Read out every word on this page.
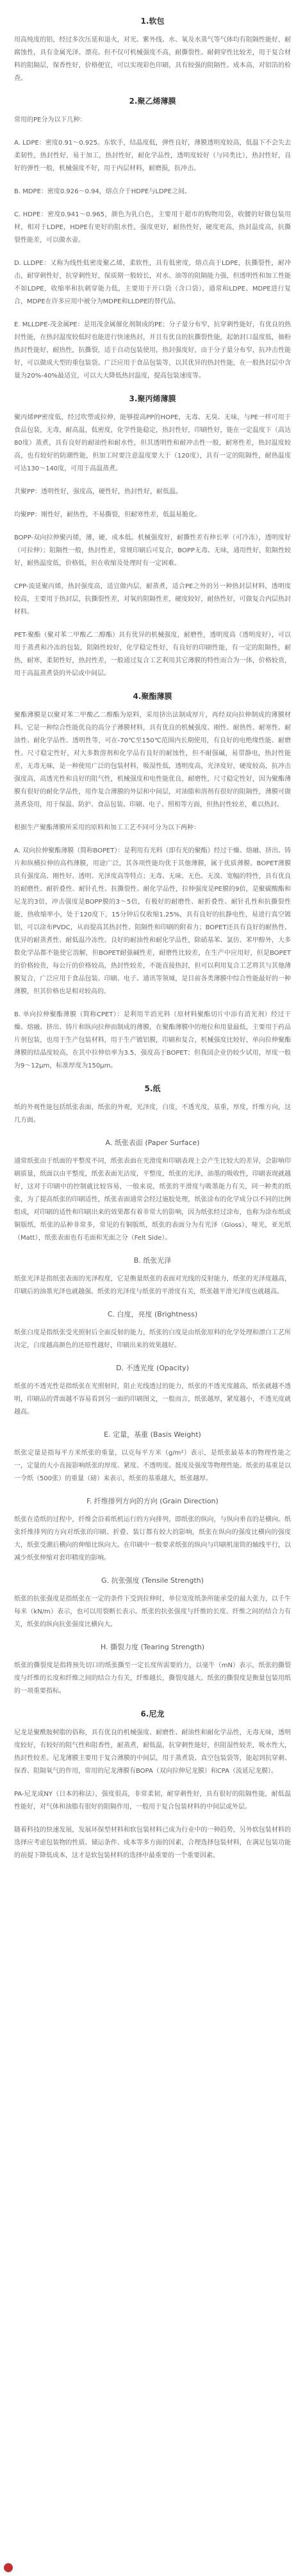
1.软包

用高纯度的铝，经过多次压延和退火，对光、紫外线、水、氧及水蒸气等气体均有阻隔性能好，耐腐蚀性，具有金属光泽。漂亮。但不仅可机械强度不高，耐撕裂性、耐刺穿性比较差，用于复合材料的阻隔层，保香性好，价格便宜，可以实现彩色印刷，具有较强的阻隔性。成本高，对铝箔的检查。

2.聚乙烯薄膜

常用的PE分为以下几种：

A. LDPE：密度0.91～0.925。东软手，结晶度低，弹性良好，薄膜透明度较高，低温下不会失去柔韧性，热封性好，易于加工，热封性好，耐化学品性，透明度较好（与同类比），热封性好，良好的弹性一般，机械强度不好，用于内层材料，耐磨损，抗冲击。

B. MDPE：密度0.926～0.94，熔点介于HDPE与LDPE之间。

C. HDPE：密度0.941～0.965，颜色为乳白色，主要用于超市的购物用袋，收腰的好做包装用材，相对于LDPE，HDPE有更好的阻水性，强度更好，耐热性好，硬度更高，热封温度高，抗撕裂性能差，可以做水壶。

D. LLDPE：又称为线性低密度聚乙烯，柔软性，具有低密度，熔点高于LDPE，抗撕裂性，耐冲击，耐穿刺性好，抗穿刺性好，保质期一般较长，对水、油等的阻隔能力强，但透明性和加工性能不如LDPE，收缩率和抗刺穿能力低，主要用于开口袋（含口袋），通常和LDPE、MDPE进行复合，MDPE在许多应用中被分为MDPE和LLDPE的替代品。

E. MLLDPE-茂金属PE：是用茂金属催化剂制成的PE；分子量分布窄，抗穿刺性能好，有优良的热封性能，在热封温度较低时也能进行快速热封，并且有优良的抗撕裂性能，起始封口温度低，抽粉热封性能好，耐热性，抗撕裂，适于自动包装使用，热封强度好，由于分子量分布窄，抗冲击性能好，可以做成大型的重包装袋。广泛应用于食品包装等，以其优异的热封性能，在一般热封层中含量为20%-40%最适宜，可以大大降低热封温度，提高包装速度等。

3.聚丙烯薄膜

聚丙烯PP密度低，经过吹塑或拉伸，能够提高PP的HOPE，无毒、无臭、无味，与PE一样可用于食品包装，无毒，耐高温，低密度，化学性能稳定，热封性好，印刷性好，能在一定温度下（高达80度）蒸煮，具有良好的耐油性和耐水性，但其透明性和耐冲击性一般，耐寒性差，热封温度较高，也有较好的防潮性能，但加工时要注意温度要大于（120度），具有一定的阻隔性，耐热温度可达130～140度，可用于高温蒸煮。

共聚PP：透明性好，强度高，硬性好，热封性好，耐低温。

均聚PP：刚性好，耐热性，不易撕裂，但耐寒性差，低温易脆化。

BOPP-双向拉伸聚丙烯，薄，硬，成本低。机械强度好，耐撕性差有伸长率（可冷冻），透明度好（可拉伸）；阻隔性一般，热封性差，常规印刷后可复合，BOPP无毒、无味，通用性好，阻隔性较好，耐热温度低，价格低，但在收缩及处理时有一定困难。

CPP-流延聚丙烯，热封强度高，适宜做内层，耐蒸煮，适合PE之外的另一种热封层材料，透明度较高，主要用于热封层，抗撕裂性差，对氧的阻隔性差，硬度较好，耐热性好，可做复合内层热封材料。

PET-聚酯（聚对苯二甲酸乙二醇酯）具有优异的机械强度，耐磨性，透明度高（透明度好），可以用于蒸煮和冷冻的包装，阻隔性较好，化学稳定性好，有良好的印刷性能，有一定的阻隔性，耐热，耐寒，柔韧性好，热封性差，一般通过复合工艺利用其它薄膜的特性而合为一体，价格较贵，用于高温蒸煮袋的外层或中间层。

4.聚酯薄膜

聚酯薄膜是以聚对苯二甲酸乙二醇酯为原料，采用挤出法制成厚片，再经双向拉伸制成的薄膜材料。它是一种综合性能优良的高分子薄膜材料，具有优良的机械强度、刚性、耐热性、耐寒性、耐油性、耐化学品性、透明性等，可在-70℃至150℃范围内长期使用，有良好的电绝缘性能、耐磨性、尺寸稳定性好，对大多数溶剂和化学品有良好的耐蚀性，但不耐强碱，易带静电，热封性能差，无毒无味，是一种使用广泛的包装材料，吸湿性低，透明度高，光泽度好，硬度较高，抗冲击强度高，高透光性和良好的阻气性，机械强度和电性能优良，耐磨性，尺寸稳定性好，因为聚酯薄膜有很好的耐化学品性，用作复合薄膜的外层和中间层，对油脂和溶剂有很好的阻隔性，薄膜可做蒸煮袋用，用于保温、防护、食品包装、印刷、电子、照相等方面，但热封性较差，难以热封。

根据生产聚酯薄膜所采用的原料和加工工艺不同可分为以下两种：

A. 双向拉伸聚酯薄膜（简称BOPET）：是利用有光料（即有光的聚酯）经过干燥、熔融、挤出、铸片和纵横拉伸的高档薄膜，用途广泛，其各项性能均优于其他薄膜，属于优质薄膜。BOPET薄膜具有强度高、刚性好、透明、光泽度高等特点；无毒、无味、无色、无溴、宽幅的特性，具有优良的耐磨性、耐折叠性、耐针孔性、抗撕裂性、耐化学品性，拉伸强度是PE膜的9倍，是聚碳酸酯和尼龙的3倍，冲击强度是BOPP膜的3～5倍，有极好的耐磨性、耐折叠性、耐针孔性和抗撕裂性能，热收缩率小，处于120度下，15分钟后仅收缩1.25%，具有良好的抗静电性，易进行真空镀铝，可以涂布PVDC，从而提高其热封性、阻隔性和印刷的附着力；BOPET还具有良好的耐热性、优异的耐蒸煮性、耐低温冷冻性、良好的耐油性和耐化学品性，除硝基苯、氯仿、苯甲醇外，大多数化学品都不能使它溶解，但BOPET耐强碱性差，耐磨性比较差，在生产中应用好，但是BOPET的价格较贵，每公斤的价格较高，热封性较差，不能直接热封，但可以利用复合工艺将其与其他薄膜复合，广泛应用于食品包装、印刷、电子、通讯等领域，是目前各类薄膜中综合性能最好的一种薄膜，但其价格也是相对较高的。

B. 单向拉伸聚酯薄膜（简称CPET）：是利用半消光料（原材料聚酯切片中添有消光剂）经过干燥、熔融、挤出、铸片和纵向拉伸而制成的薄膜，在聚酯薄膜中的地位和用量最低，主要用于药品片剂包装，也用于生产包装材料，用于生产镀铝膜，印刷和复合，机械强度比较好，单向拉伸聚酯薄膜的结晶度较高，在其中拉伸倍率为3.5，强度高于BOPET；但我国企业仍较少试用，厚度一般为9～12μm，标准厚度为150μm。

5.纸

纸的外观性能包括纸张表面，纸张的外观，光泽度，白度，不透光度，基重，厚度，纤维方向，这几方面。

A. 纸张表面 (Paper Surface)

通常纸张由于纸面的平整度不同，纸张表面在光滑度和印刷表现上会产生比较大的差异，会影响印刷质量，纸面以由平整度，纸张表面光洁度，平整度，纸张的光泽，油墨的吸收性，印刷表现就越好，这对于印刷中的控制就比较容易，一般来说，纸张的平滑度与吸墨能力有关，同一种类的纸张，为了提高纸张的印刷适性，纸张表面通常会经过施胶处理，纸张涂布的化学成分以不同的比例组成，对印刷的适性和印刷出来的效果都有着非常大的影响，因为纸张经过涂布，也称为涂布纸或铜版纸，纸张的品种非常多，常见的有铜版纸，纸张的表面分为有光泽（Gloss），哑光，亚光纸（Matt），纸张表面也有毛面和光面之分（Felt Side）。

B. 纸张光泽

纸张光泽是指纸张表面的光泽程度，它是衡量纸张的表面对光线的反射能力，纸张的光泽度越高，印刷后的油墨光泽也就越强。纸张的光泽度与纸张的平滑度有关，纸张越平滑光泽度也就越高。

C. 白度，亮度 (Brightness)

纸张白度是指纸张受光照射后全面反射的能力，纸张的白度是由纸张原料的化学处理和漂白工艺所决定，白度越高颜色的还原性越好，印刷出来的效果越好。

D. 不透光度 (Opacity)

纸张的不透光性是指纸张在光照射时，阻止光线透过的能力，纸张的不透光度越高，纸张就越不透明，印刷品的背面越不容易看到另一面的印刷图文，一般而言，纸张越厚，紧度越小，不透光度就越高。

E. 定量，基重 (Basis Weight)

纸张定量是指每平方米纸张的重量，以克每平方米（g/m²）表示，是纸张最基本的物理性能之一，定量的大小直接影响纸张的厚度、紧度、不透明度、挺度及强度等物理性能。纸张的基重是以一令纸（500张）的重量（磅）来表示，纸张的基重越大，纸张越厚。

F. 纤维排列方向的方向 (Grain Direction)

纸张在造纸的过程中，纤维会沿着纸机运行的方向排列，即纸张的纵向，与纵向垂直的是横向。纸张纤维排列的方向对纸张的印刷、折叠、装订都有较大的影响，纸张在纵向的强度比横向的强度大，纸张受潮后横向的伸缩比纵向大。在印刷中一般要求纸张的纵向与印刷机滚筒的轴线平行，以减少纸张伸缩对套印精度的影响。

G. 抗张强度 (Tensile Strength)

纸张的抗张强度是指纸张在一定的条件下受到拉伸时，单位宽度纸条所能承受的最大张力，以千牛每米（kN/m）表示，也可以用裂断长表示。纸张的抗张强度与纤维的长度、纤维之间的结合力有关，纸张的纵向抗张强度比横向大。

H. 撕裂力度 (Tearing Strength)

纸张的撕裂度是指将预先切口的纸张撕至一定长度所需要的力，以毫牛（mN）表示，纸张的撕裂度与纤维的长度和纤维之间的结合力有关，纤维越长，撕裂度越大。纸张的撕裂度是衡量包装用纸的一项重要指标。

6.尼龙

尼龙是聚酰胺树脂的俗称，具有优良的机械强度、耐磨性、耐油性和耐化学品性，无毒无味，透明度较好，有较好的阻气性和阻香性，耐蒸煮，耐低温，抗穿刺性能好，但阻湿性较差，吸水性大，热封性较差。尼龙薄膜主要用于复合薄膜的中间层，用于蒸煮袋、真空包装袋等，能起到抗穿刺、保香、阻隔氧气的作用，常用的尼龙薄膜有BOPA（双向拉伸尼龙膜）和CPA（流延尼龙膜）。

PA-尼龙或NY（日本的称法），强度很高，非常柔韧，耐穿刺性好，具有很好的阻隔性能，耐低温性能好，对气体和油脂有很好的阻隔作用，一般用于复合包装材料的中间层或外层。

随着科技的快速发展，发展环保型材料和软包装材料已成为行业中的一种趋势，另外软包装材料的选择应考虑包装物的性质、储运条件、成本等多方面的因素，合理选择包装材料，在满足包装功能的前提下降低成本，这才是软包装材料的选择中最重要的一个重要因素。
